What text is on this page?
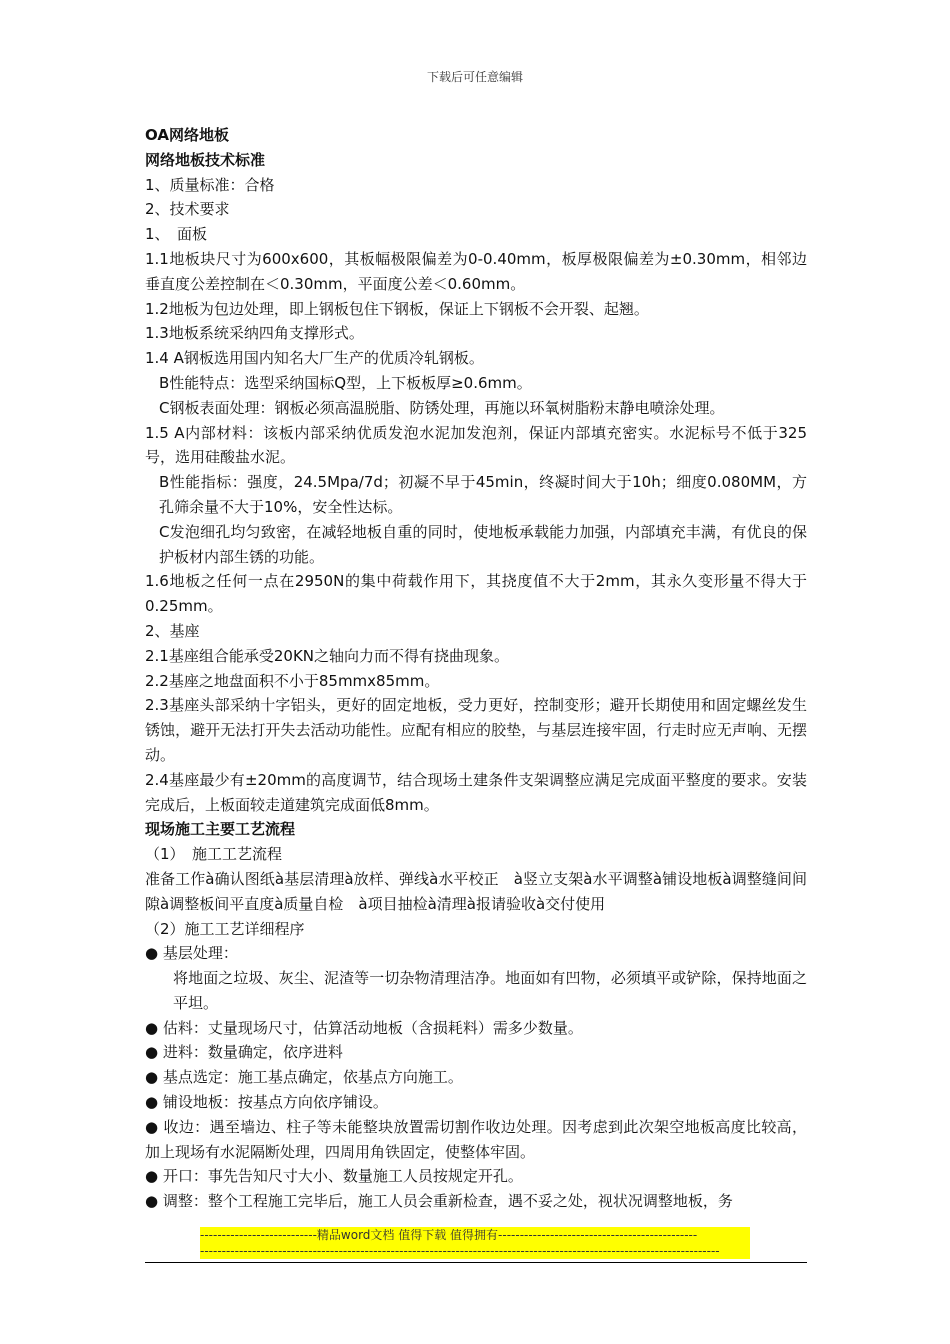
下载后可任意编辑

OA网络地板

网络地板技术标准

1、质量标准：合格

2、技术要求

1、　面板

1.1地板块尺寸为600x600，其板幅极限偏差为0-0.40mm，板厚极限偏差为±0.30mm，相邻边垂直度公差控制在＜0.30mm，平面度公差＜0.60mm。

1.2地板为包边处理，即上钢板包住下钢板，保证上下钢板不会开裂、起翘。

1.3地板系统采纳四角支撑形式。

1.4 A钢板选用国内知名大厂生产的优质冷轧钢板。

B性能特点：选型采纳国标Q型，上下板板厚≥0.6mm。

C钢板表面处理：钢板必须高温脱脂、防锈处理，再施以环氧树脂粉末静电喷涂处理。

1.5 A内部材料：该板内部采纳优质发泡水泥加发泡剂，保证内部填充密实。水泥标号不低于325号，选用硅酸盐水泥。

B性能指标：强度，24.5Mpa/7d；初凝不早于45min，终凝时间大于10h；细度0.080MM，方孔筛余量不大于10%，安全性达标。

C发泡细孔均匀致密，在减轻地板自重的同时，使地板承载能力加强，内部填充丰满，有优良的保护板材内部生锈的功能。

1.6地板之任何一点在2950N的集中荷载作用下，其挠度值不大于2mm，其永久变形量不得大于0.25mm。

2、基座

2.1基座组合能承受20KN之轴向力而不得有挠曲现象。

2.2基座之地盘面积不小于85mmx85mm。

2.3基座头部采纳十字铝头，更好的固定地板，受力更好，控制变形；避开长期使用和固定螺丝发生锈蚀，避开无法打开失去活动功能性。应配有相应的胶垫，与基层连接牢固，行走时应无声响、无摆动。

2.4基座最少有±20mm的高度调节，结合现场土建条件支架调整应满足完成面平整度的要求。安装完成后，上板面较走道建筑完成面低8mm。

现场施工主要工艺流程

（1）　施工工艺流程

准备工作à确认图纸à基层清理à放样、弹线à水平校正　à竖立支架à水平调整à铺设地板à调整缝间间隙à调整板间平直度à质量自检　à项目抽检à清理à报请验收à交付使用

（2）施工工艺详细程序

● 基层处理：

将地面之垃圾、灰尘、泥渣等一切杂物清理洁净。地面如有凹物，必须填平或铲除，保持地面之平坦。

● 估料：丈量现场尺寸，估算活动地板（含损耗料）需多少数量。

● 进料：数量确定，依序进料

● 基点选定：施工基点确定，依基点方向施工。

● 铺设地板：按基点方向依序铺设。

● 收边：遇至墙边、柱子等未能整块放置需切割作收边处理。因考虑到此次架空地板高度比较高，加上现场有水泥隔断处理，四周用角铁固定，使整体牢固。

● 开口：事先告知尺寸大小、数量施工人员按规定开孔。

● 调整：整个工程施工完毕后，施工人员会重新检查，遇不妥之处，视状况调整地板，务

---------------------------精品word文档 值得下载 值得拥有----------------------------------------------
------------------------------------------------------------------------------------------------------------------------
